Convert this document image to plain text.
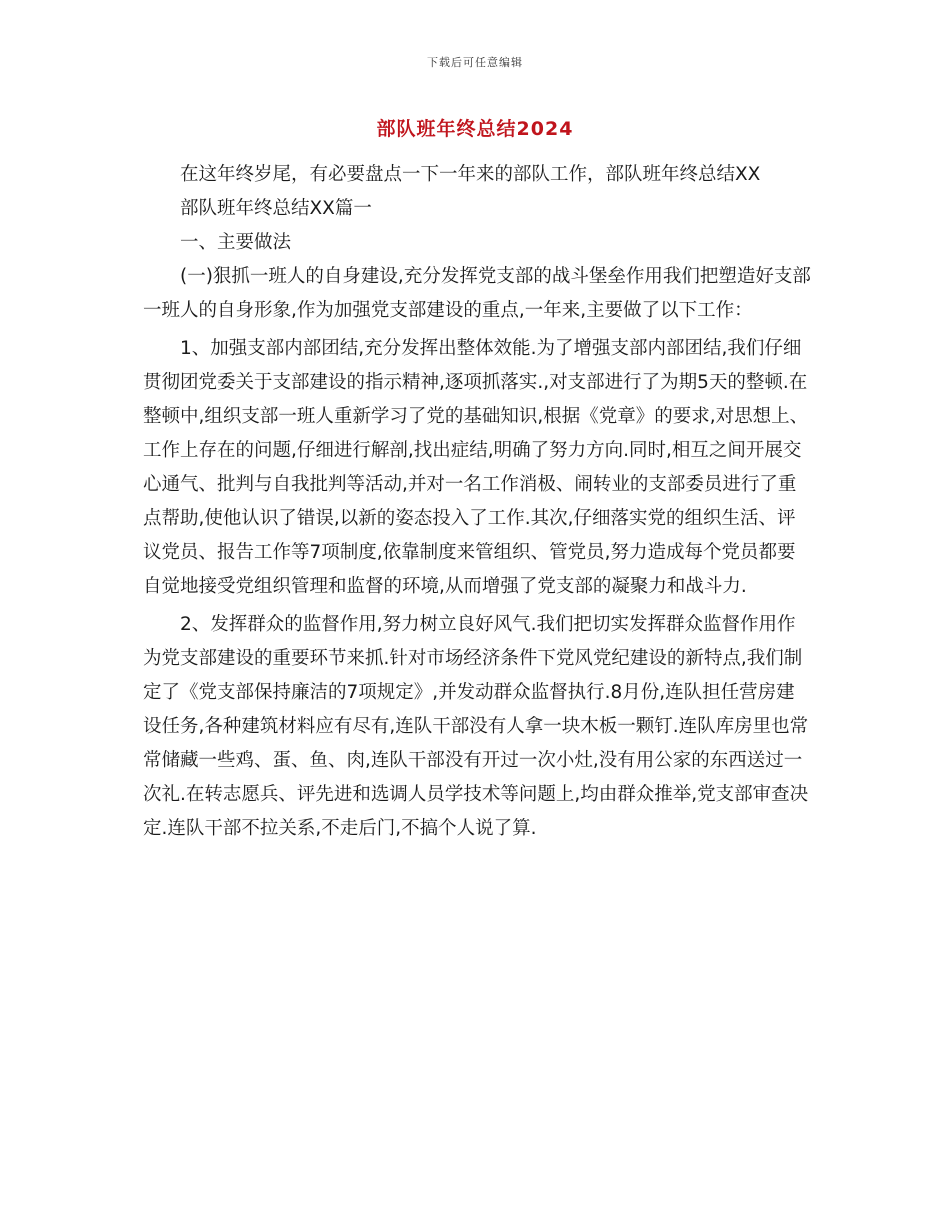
下载后可任意编辑
部队班年终总结2024

在这年终岁尾，有必要盘点一下一年来的部队工作，部队班年终总结XX

部队班年终总结XX篇一

一、主要做法

(一)狠抓一班人的自身建设,充分发挥党支部的战斗堡垒作用我们把塑造好支部一班人的自身形象,作为加强党支部建设的重点,一年来,主要做了以下工作：

1、加强支部内部团结,充分发挥出整体效能.为了增强支部内部团结,我们仔细贯彻团党委关于支部建设的指示精神,逐项抓落实.,对支部进行了为期5天的整顿.在整顿中,组织支部一班人重新学习了党的基础知识,根据《党章》的要求,对思想上、工作上存在的问题,仔细进行解剖,找出症结,明确了努力方向.同时,相互之间开展交心通气、批判与自我批判等活动,并对一名工作消极、闹转业的支部委员进行了重点帮助,使他认识了错误,以新的姿态投入了工作.其次,仔细落实党的组织生活、评议党员、报告工作等7项制度,依靠制度来管组织、管党员,努力造成每个党员都要自觉地接受党组织管理和监督的环境,从而增强了党支部的凝聚力和战斗力.

2、发挥群众的监督作用,努力树立良好风气.我们把切实发挥群众监督作用作为党支部建设的重要环节来抓.针对市场经济条件下党风党纪建设的新特点,我们制定了《党支部保持廉洁的7项规定》,并发动群众监督执行.8月份,连队担任营房建设任务,各种建筑材料应有尽有,连队干部没有人拿一块木板一颗钉.连队库房里也常常储藏一些鸡、蛋、鱼、肉,连队干部没有开过一次小灶,没有用公家的东西送过一次礼.在转志愿兵、评先进和选调人员学技术等问题上,均由群众推举,党支部审查决定.连队干部不拉关系,不走后门,不搞个人说了算.
